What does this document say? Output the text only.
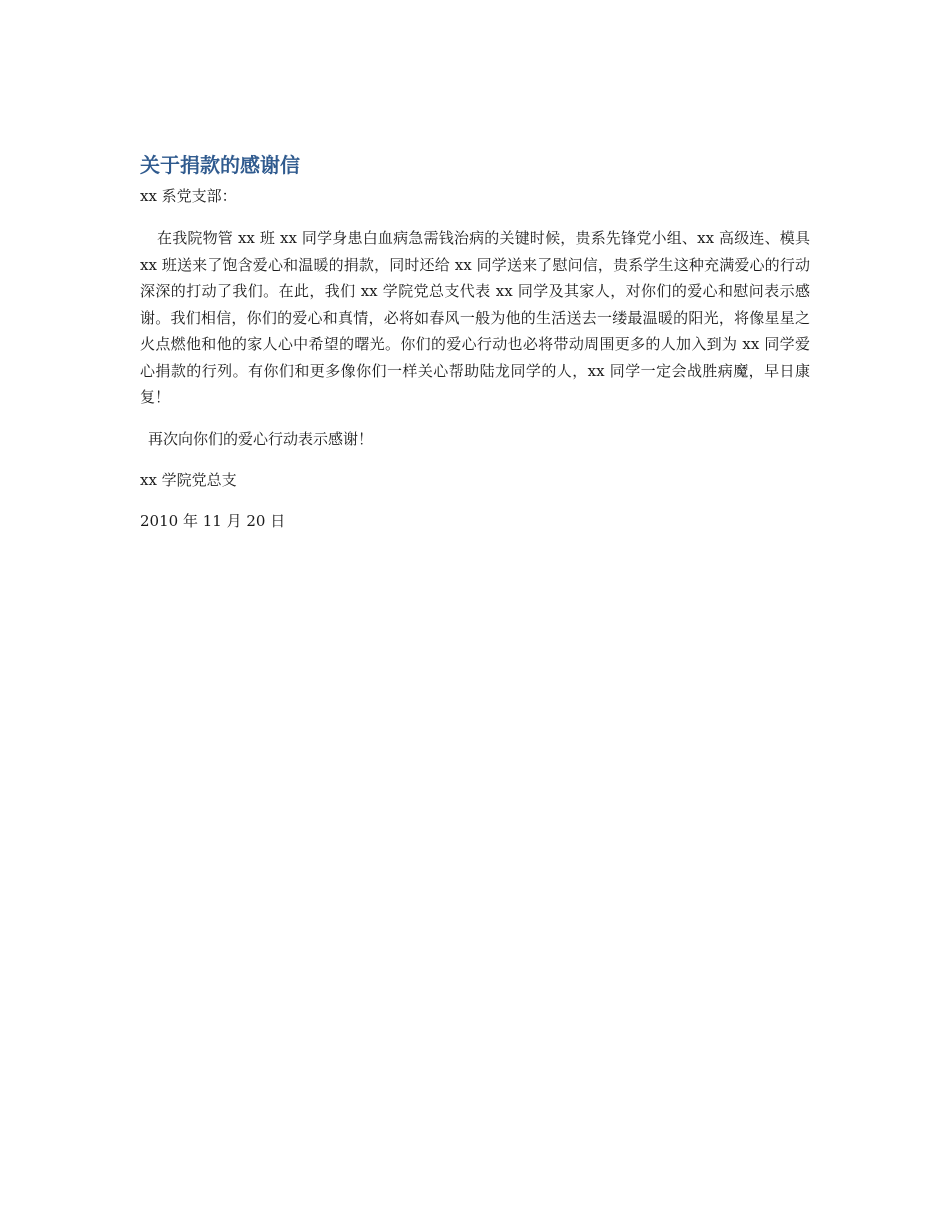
关于捐款的感谢信

xx 系党支部：

在我院物管 xx 班 xx 同学身患白血病急需钱治病的关键时候，贵系先锋党小组、xx 高级连、模具 xx 班送来了饱含爱心和温暖的捐款，同时还给 xx 同学送来了慰问信，贵系学生这种充满爱心的行动深深的打动了我们。在此，我们 xx 学院党总支代表 xx 同学及其家人，对你们的爱心和慰问表示感谢。我们相信，你们的爱心和真情，必将如春风一般为他的生活送去一缕最温暖的阳光，将像星星之火点燃他和他的家人心中希望的曙光。你们的爱心行动也必将带动周围更多的人加入到为 xx 同学爱心捐款的行列。有你们和更多像你们一样关心帮助陆龙同学的人，xx 同学一定会战胜病魔，早日康复！

再次向你们的爱心行动表示感谢！

xx 学院党总支

2010 年 11 月 20 日
